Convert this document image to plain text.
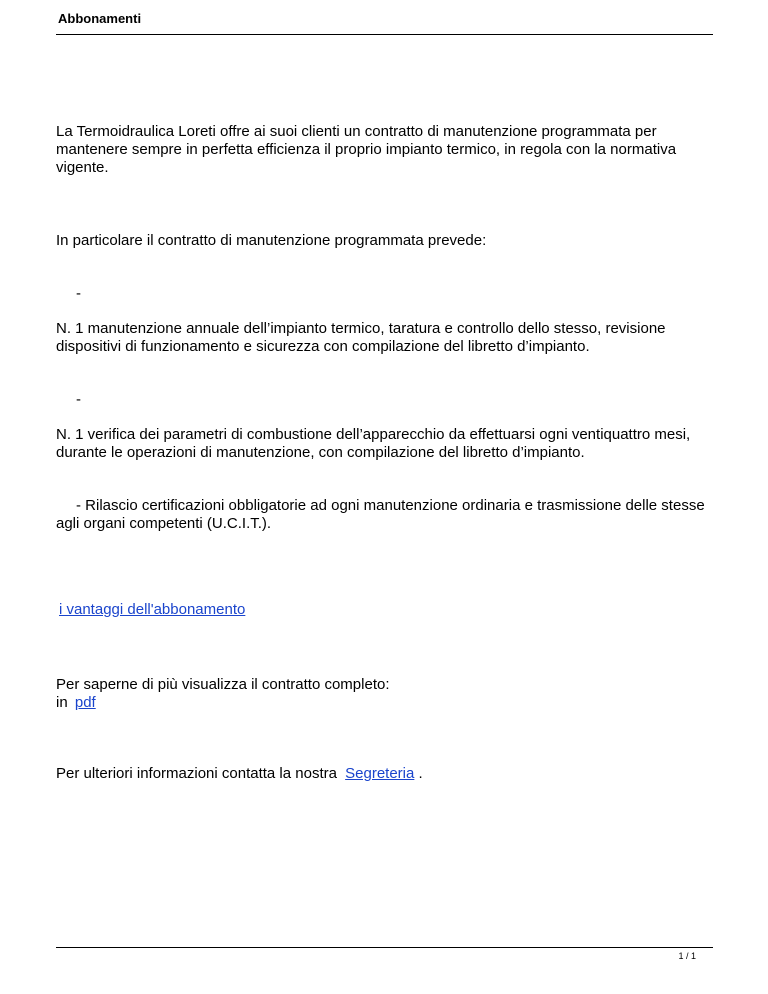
Abbonamenti

La Termoidraulica Loreti offre ai suoi clienti un contratto di manutenzione programmata per mantenere sempre in perfetta efficienza il proprio impianto termico, in regola con la normativa vigente.

In particolare il contratto di manutenzione programmata prevede:

-

N. 1 manutenzione annuale dell’impianto termico, taratura e controllo dello stesso, revisione dispositivi di funzionamento e sicurezza con compilazione del libretto d’impianto.

-

N. 1 verifica dei parametri di combustione dell’apparecchio da effettuarsi ogni ventiquattro mesi, durante le operazioni di manutenzione, con compilazione del libretto d’impianto.

- Rilascio certificazioni obbligatorie ad ogni manutenzione ordinaria e trasmissione delle stesse agli organi competenti (U.C.I.T.).

i vantaggi dell'abbonamento

Per saperne di più visualizza il contratto completo:

in pdf

Per ulteriori informazioni contatta la nostra Segreteria .

1 / 1
